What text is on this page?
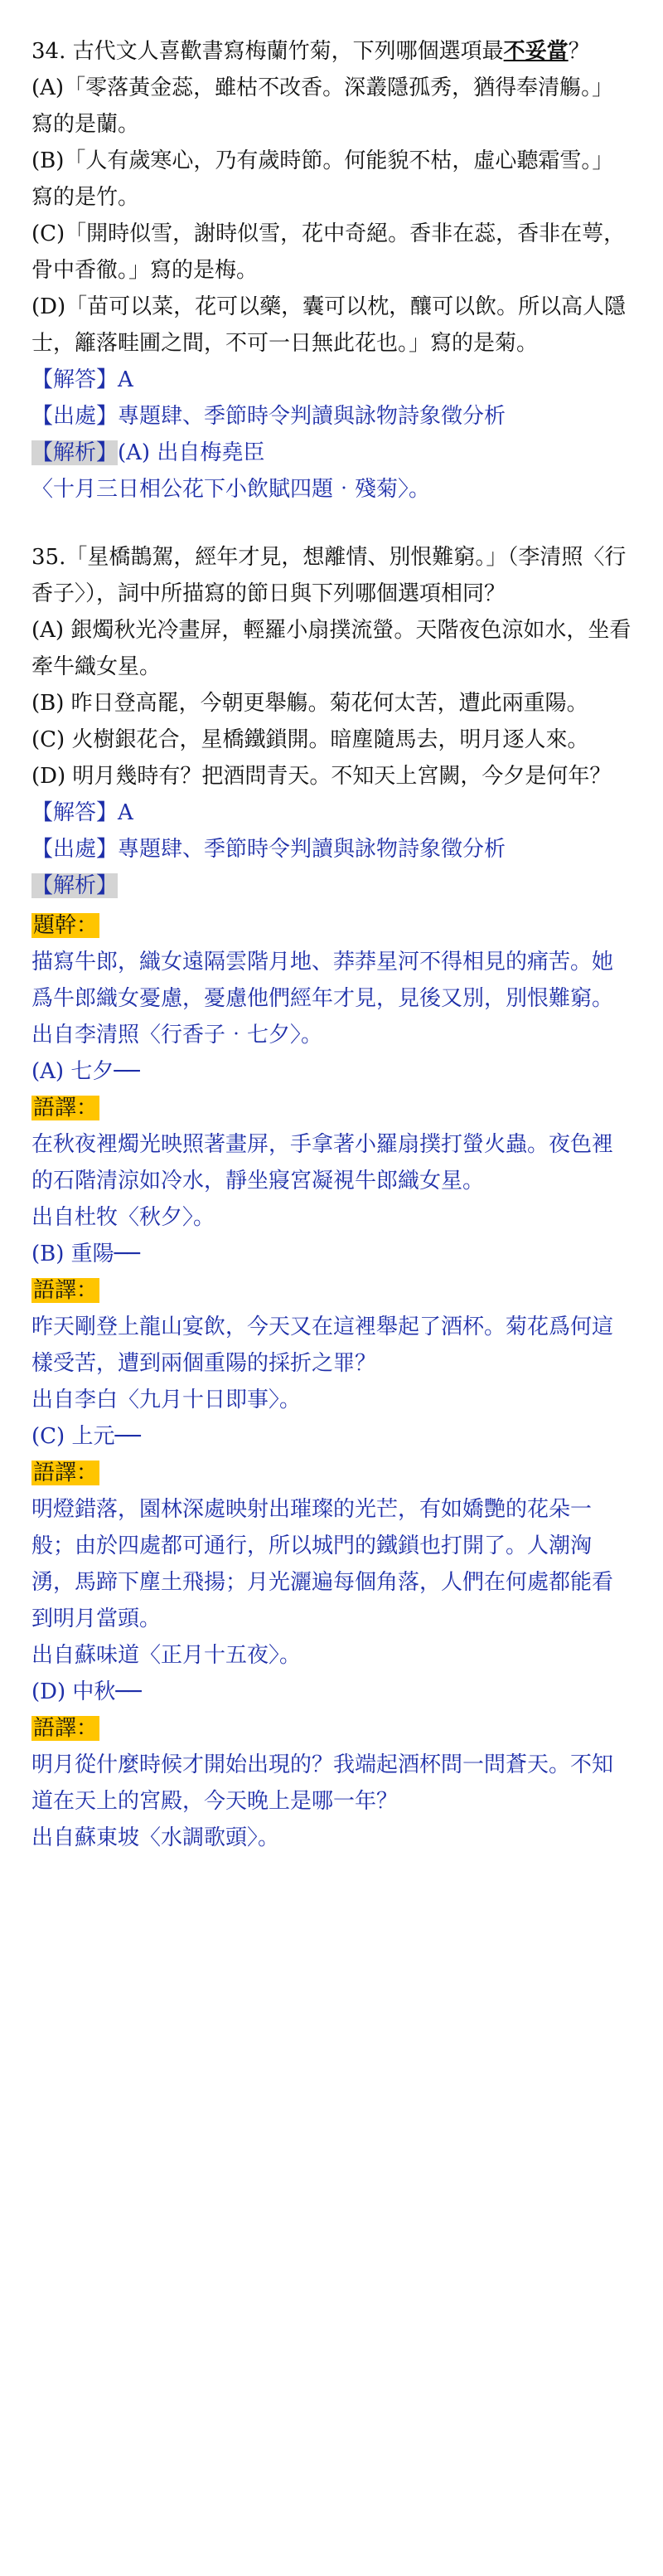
34. 古代文人喜歡書寫梅蘭竹菊，下列哪個選項最不妥當？

(A)「零落黃金蕊，雖枯不改香。深叢隱孤秀，猶得奉清觴。」寫的是蘭。

(B)「人有歲寒心，乃有歲時節。何能貌不枯，虛心聽霜雪。」寫的是竹。

(C)「開時似雪，謝時似雪，花中奇絕。香非在蕊，香非在萼，骨中香徹。」寫的是梅。

(D)「苗可以菜，花可以藥，囊可以枕，釀可以飲。所以高人隱士，籬落畦圃之間，不可一日無此花也。」寫的是菊。

【解答】A

【出處】專題肆、季節時令判讀與詠物詩象徵分析

【解析】(A) 出自梅堯臣

〈十月三日相公花下小飲賦四題‧殘菊〉。

35.「星橋鵲駕，經年才見，想離情、別恨難窮。」（李清照〈行香子〉），詞中所描寫的節日與下列哪個選項相同？

(A) 銀燭秋光冷畫屏，輕羅小扇撲流螢。天階夜色涼如水，坐看牽牛織女星。

(B) 昨日登高罷，今朝更舉觴。菊花何太苦，遭此兩重陽。

(C) 火樹銀花合，星橋鐵鎖開。暗塵隨馬去，明月逐人來。

(D) 明月幾時有？把酒問青天。不知天上宮闕，今夕是何年？

【解答】A

【出處】專題肆、季節時令判讀與詠物詩象徵分析

【解析】

題幹：

描寫牛郎，織女遠隔雲階月地、莽莽星河不得相見的痛苦。她爲牛郎織女憂慮，憂慮他們經年才見，見後又別，別恨難窮。

出自李清照〈行香子‧七夕〉。

(A) 七夕──

語譯：

在秋夜裡燭光映照著畫屏，手拿著小羅扇撲打螢火蟲。夜色裡的石階清涼如冷水，靜坐寢宮凝視牛郎織女星。

出自杜牧〈秋夕〉。

(B) 重陽──

語譯：

昨天剛登上龍山宴飲，今天又在這裡舉起了酒杯。菊花爲何這樣受苦，遭到兩個重陽的採折之罪？

出自李白〈九月十日即事〉。

(C) 上元──

語譯：

明燈錯落，園林深處映射出璀璨的光芒，有如嬌艷的花朵一般；由於四處都可通行，所以城門的鐵鎖也打開了。人潮洶湧，馬蹄下塵土飛揚；月光灑遍每個角落，人們在何處都能看到明月當頭。

出自蘇味道〈正月十五夜〉。

(D) 中秋──

語譯：

明月從什麼時候才開始出現的？我端起酒杯問一問蒼天。不知道在天上的宮殿，今天晚上是哪一年？

出自蘇東坡〈水調歌頭〉。
